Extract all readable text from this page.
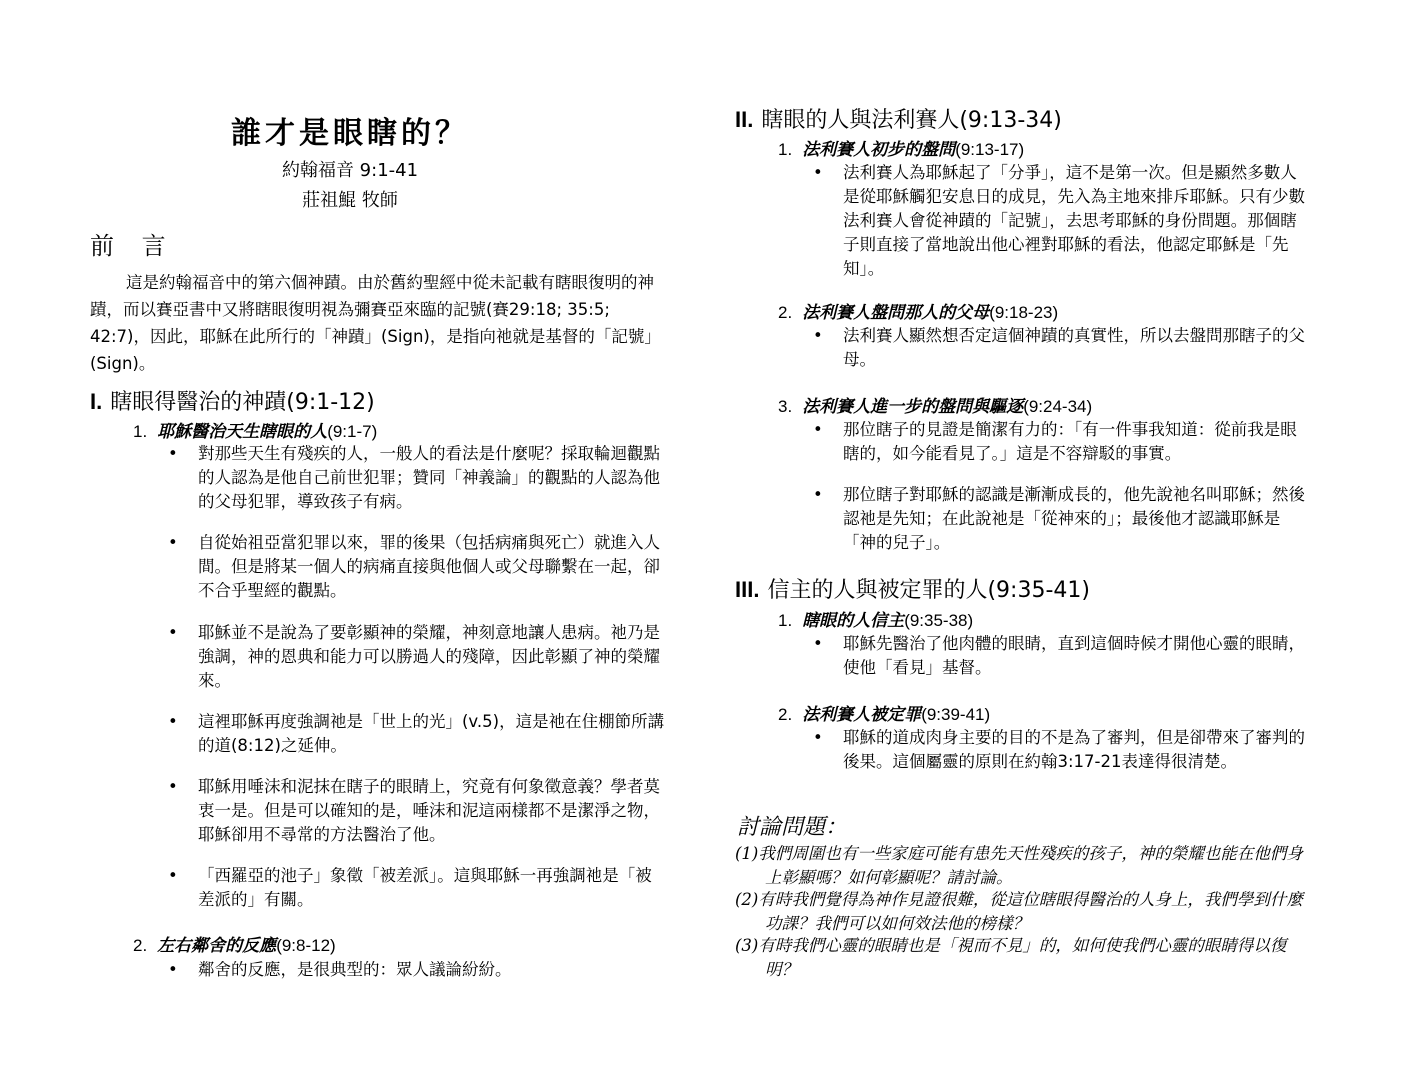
誰才是眼瞎的？
約翰福音 9:1-41
莊祖鯤 牧師
前 言
這是約翰福音中的第六個神蹟。由於舊約聖經中從未記載有瞎眼復明的神蹟，而以賽亞書中又將瞎眼復明視為彌賽亞來臨的記號(賽29:18; 35:5; 42:7)，因此，耶穌在此所行的「神蹟」(Sign)，是指向祂就是基督的「記號」(Sign)。
I. 瞎眼得醫治的神蹟(9:1-12)
1. 耶穌醫治天生瞎眼的人(9:1-7)
• 對那些天生有殘疾的人，一般人的看法是什麼呢？採取輪迴觀點的人認為是他自己前世犯罪；贊同「神義論」的觀點的人認為他的父母犯罪，導致孩子有病。
• 自從始祖亞當犯罪以來，罪的後果（包括病痛與死亡）就進入人間。但是將某一個人的病痛直接與他個人或父母聯繫在一起，卻不合乎聖經的觀點。
• 耶穌並不是說為了要彰顯神的榮耀，神刻意地讓人患病。祂乃是強調，神的恩典和能力可以勝過人的殘障，因此彰顯了神的榮耀來。
• 這裡耶穌再度強調祂是「世上的光」(v.5)，這是祂在住棚節所講的道(8:12)之延伸。
• 耶穌用唾沫和泥抹在瞎子的眼睛上，究竟有何象徵意義？學者莫衷一是。但是可以確知的是，唾沫和泥這兩樣都不是潔淨之物，耶穌卻用不尋常的方法醫治了他。
• 「西羅亞的池子」象徵「被差派」。這與耶穌一再強調祂是「被差派的」有關。
2. 左右鄰舍的反應(9:8-12)
• 鄰舍的反應，是很典型的：眾人議論紛紛。
II. 瞎眼的人與法利賽人(9:13-34)
1. 法利賽人初步的盤問(9:13-17)
• 法利賽人為耶穌起了「分爭」，這不是第一次。但是顯然多數人是從耶穌觸犯安息日的成見，先入為主地來排斥耶穌。只有少數法利賽人會從神蹟的「記號」，去思考耶穌的身份問題。那個瞎子則直接了當地說出他心裡對耶穌的看法，他認定耶穌是「先知」。
2. 法利賽人盤問那人的父母(9:18-23)
• 法利賽人顯然想否定這個神蹟的真實性，所以去盤問那瞎子的父母。
3. 法利賽人進一步的盤問與驅逐(9:24-34)
• 那位瞎子的見證是簡潔有力的：「有一件事我知道：從前我是眼瞎的，如今能看見了。」這是不容辯駁的事實。
• 那位瞎子對耶穌的認識是漸漸成長的，他先說祂名叫耶穌；然後認祂是先知；在此說祂是「從神來的」；最後他才認識耶穌是「神的兒子」。
III. 信主的人與被定罪的人(9:35-41)
1. 瞎眼的人信主(9:35-38)
• 耶穌先醫治了他肉體的眼睛，直到這個時候才開他心靈的眼睛，使他「看見」基督。
2. 法利賽人被定罪(9:39-41)
• 耶穌的道成肉身主要的目的不是為了審判，但是卻帶來了審判的後果。這個屬靈的原則在約翰3:17-21表達得很清楚。
討論問題：
(1)我們周圍也有一些家庭可能有患先天性殘疾的孩子，神的榮耀也能在他們身上彰顯嗎？如何彰顯呢？請討論。
(2)有時我們覺得為神作見證很難，從這位瞎眼得醫治的人身上，我們學到什麼功課？我們可以如何效法他的榜樣？
(3)有時我們心靈的眼睛也是「視而不見」的，如何使我們心靈的眼睛得以復明？
